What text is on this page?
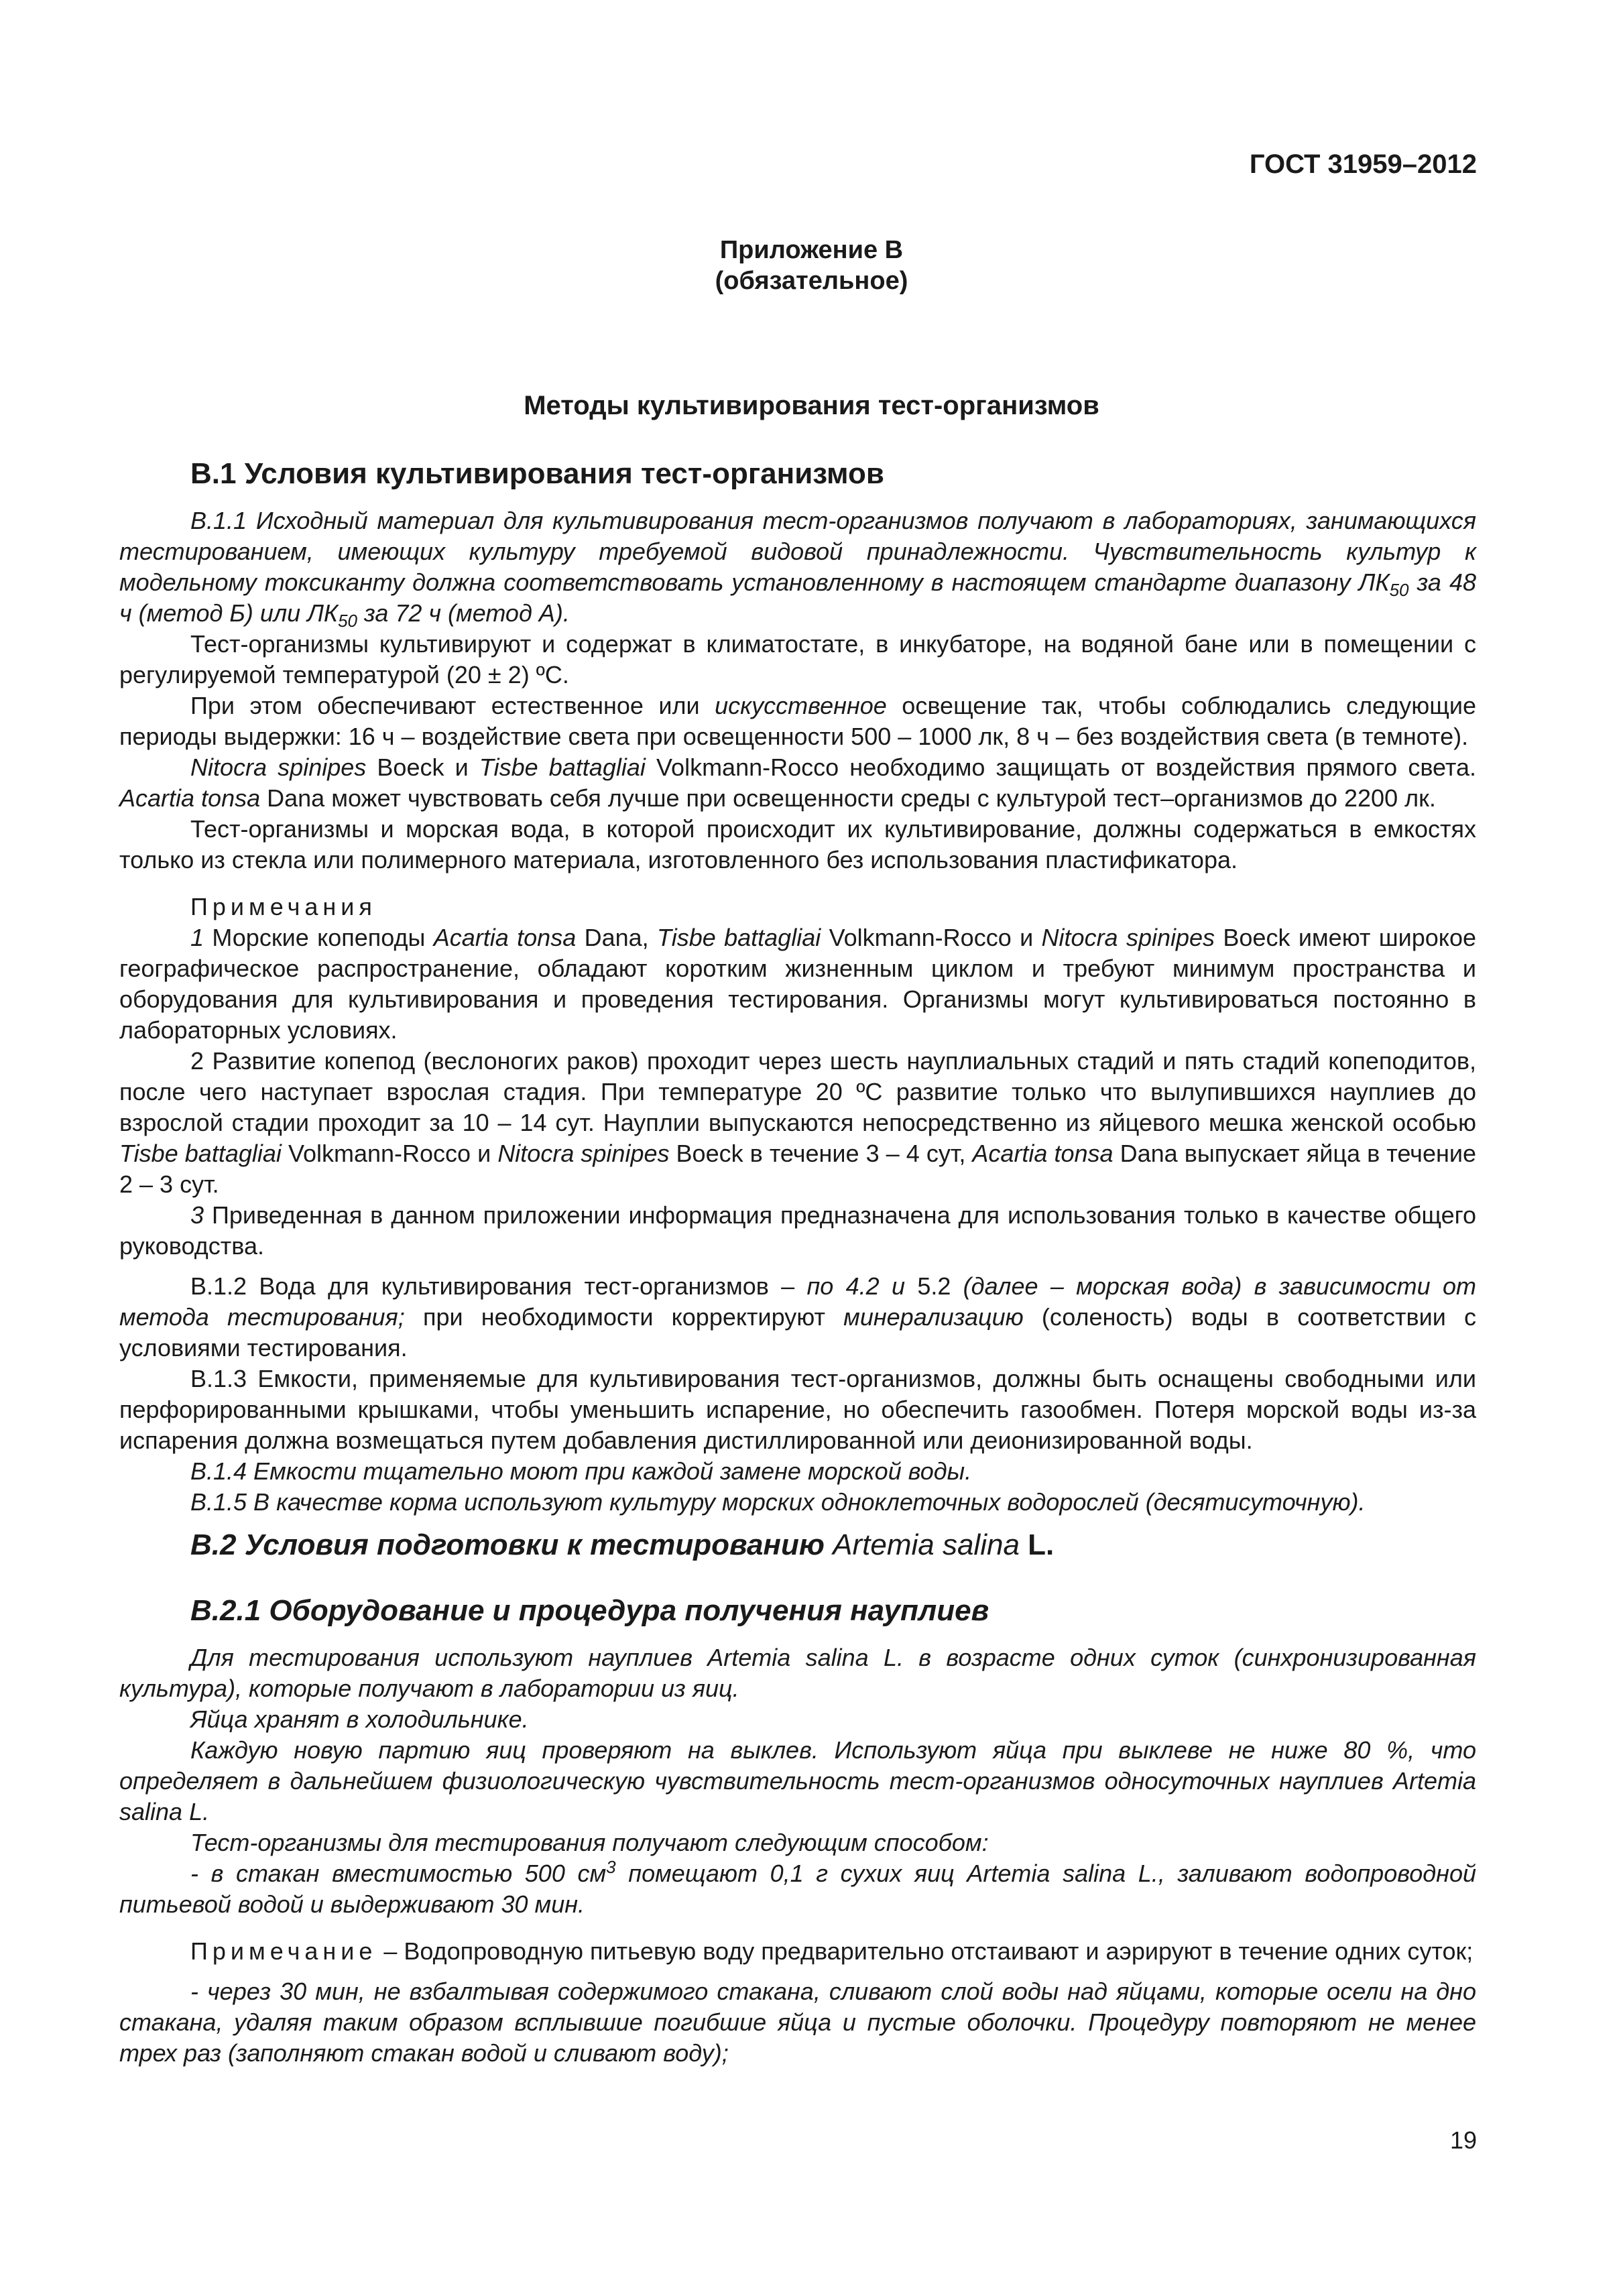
ГОСТ 31959–2012
Приложение В
(обязательное)
Методы культивирования тест-организмов
В.1 Условия культивирования тест-организмов

В.1.1 Исходный материал для культивирования тест-организмов получают в лабораториях, занимающихся тестированием, имеющих культуру требуемой видовой принадлежности. Чувствительность культур к модельному токсиканту должна соответствовать установленному в настоящем стандарте диапазону $ЛК_{50}$ за 48 ч (метод Б) или $ЛК_{50}$ за 72 ч (метод А).

Тест-организмы культивируют и содержат в климатостате, в инкубаторе, на водяной бане или в помещении с регулируемой температурой (20 ± 2) ºС.

При этом обеспечивают естественное или искусственное освещение так, чтобы соблюдались следующие периоды выдержки: 16 ч – воздействие света при освещенности 500 – 1000 лк, 8 ч – без воздействия света (в темноте).

Nitocra spinipes Boeck и Tisbe battagliai Volkmann-Rocco необходимо защищать от воздействия прямого света. Acartia tonsa Dana может чувствовать себя лучше при освещенности среды с культурой тест–организмов до 2200 лк.

Тест-организмы и морская вода, в которой происходит их культивирование, должны содержаться в емкостях только из стекла или полимерного материала, изготовленного без использования пластификатора.

Примечания

1 Морские копеподы Acartia tonsa Dana, Tisbe battagliai Volkmann-Rocco и Nitocra spinipes Boeck имеют широкое географическое распространение, обладают коротким жизненным циклом и требуют минимум пространства и оборудования для культивирования и проведения тестирования. Организмы могут культивироваться постоянно в лабораторных условиях.

2 Развитие копепод (веслоногих раков) проходит через шесть науплиальных стадий и пять стадий копеподитов, после чего наступает взрослая стадия. При температуре 20 ºС развитие только что вылупившихся науплиев до взрослой стадии проходит за 10 – 14 сут. Науплии выпускаются непосредственно из яйцевого мешка женской особью Tisbe battagliai Volkmann-Rocco и Nitocra spinipes Boeck в течение 3 – 4 сут, Acartia tonsa Dana выпускает яйца в течение 2 – 3 сут.

3 Приведенная в данном приложении информация предназначена для использования только в качестве общего руководства.

В.1.2 Вода для культивирования тест-организмов – по 4.2 и 5.2 (далее – морская вода) в зависимости от метода тестирования; при необходимости корректируют минерализацию (соленость) воды в соответствии с условиями тестирования.

В.1.3 Емкости, применяемые для культивирования тест-организмов, должны быть оснащены свободными или перфорированными крышками, чтобы уменьшить испарение, но обеспечить газообмен. Потеря морской воды из-за испарения должна возмещаться путем добавления дистиллированной или деионизированной воды.

В.1.4 Емкости тщательно моют при каждой замене морской воды.

В.1.5 В качестве корма используют культуру морских одноклеточных водорослей (десятисуточную).

В.2 Условия подготовки к тестированию Artemia salina L.
В.2.1 Оборудование и процедура получения науплиев

Для тестирования используют науплиев Artemia salina L. в возрасте одних суток (синхронизированная культура), которые получают в лаборатории из яиц.

Яйца хранят в холодильнике.

Каждую новую партию яиц проверяют на выклев. Используют яйца при выклеве не ниже 80 %, что определяет в дальнейшем физиологическую чувствительность тест-организмов односуточных науплиев Artemia salina L.

Тест-организмы для тестирования получают следующим способом:

- в стакан вместимостью 500 $см^3$ помещают 0,1 г сухих яиц Artemia salina L., заливают водопроводной питьевой водой и выдерживают 30 мин.

Примечание – Водопроводную питьевую воду предварительно отстаивают и аэрируют в течение одних суток;

- через 30 мин, не взбалтывая содержимого стакана, сливают слой воды над яйцами, которые осели на дно стакана, удаляя таким образом всплывшие погибшие яйца и пустые оболочки. Процедуру повторяют не менее трех раз (заполняют стакан водой и сливают воду);

19
